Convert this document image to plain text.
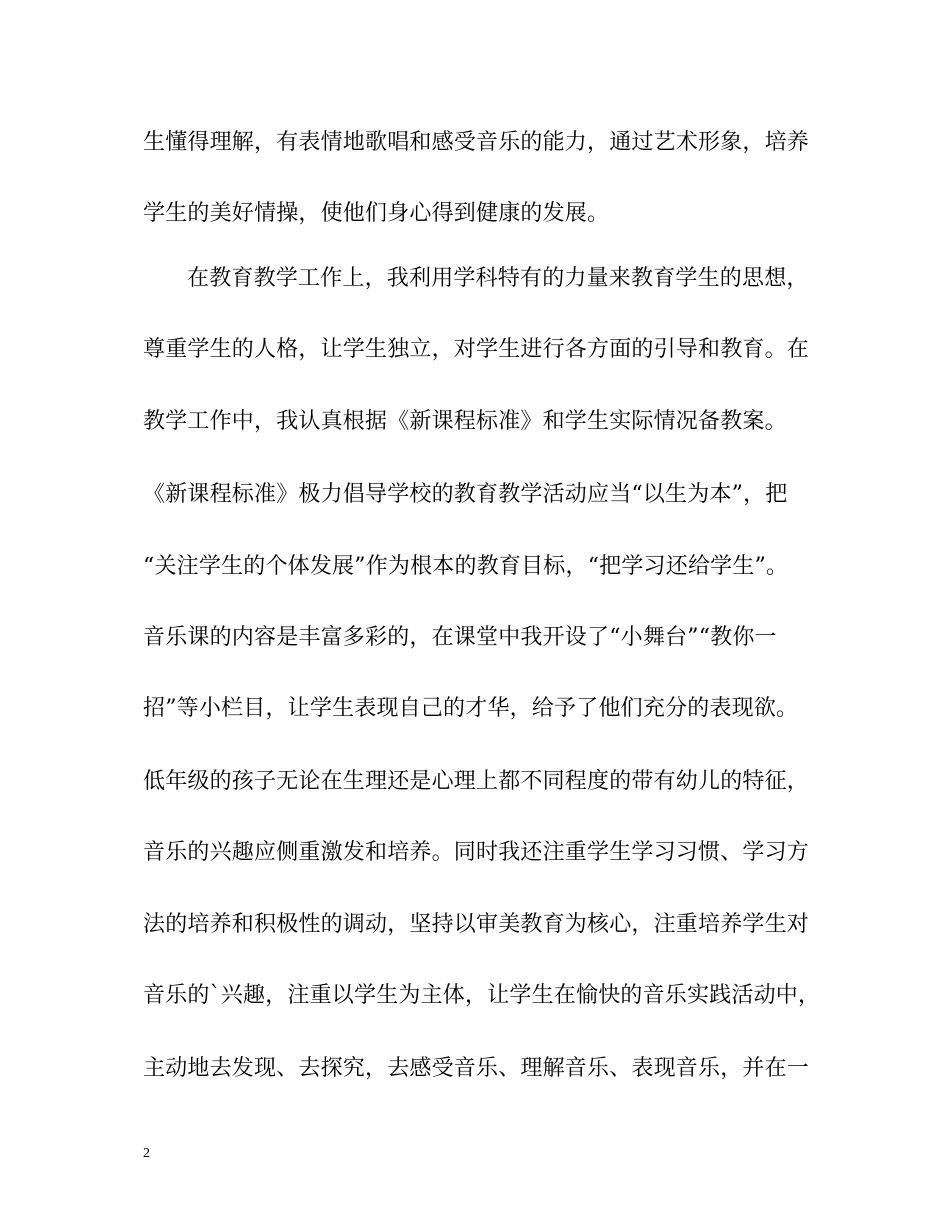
生懂得理解，有表情地歌唱和感受音乐的能力，通过艺术形象，培养
学生的美好情操，使他们身心得到健康的发展。
在教育教学工作上，我利用学科特有的力量来教育学生的思想，
尊重学生的人格，让学生独立，对学生进行各方面的引导和教育。在
教学工作中，我认真根据《新课程标准》和学生实际情况备教案。
《新课程标准》极力倡导学校的教育教学活动应当“以生为本”，把
“关注学生的个体发展”作为根本的教育目标，“把学习还给学生”。
音乐课的内容是丰富多彩的，在课堂中我开设了“小舞台”“教你一
招”等小栏目，让学生表现自己的才华，给予了他们充分的表现欲。
低年级的孩子无论在生理还是心理上都不同程度的带有幼儿的特征，
音乐的兴趣应侧重激发和培养。同时我还注重学生学习习惯、学习方
法的培养和积极性的调动，坚持以审美教育为核心，注重培养学生对
音乐的`兴趣，注重以学生为主体，让学生在愉快的音乐实践活动中，
主动地去发现、去探究，去感受音乐、理解音乐、表现音乐，并在一
2
